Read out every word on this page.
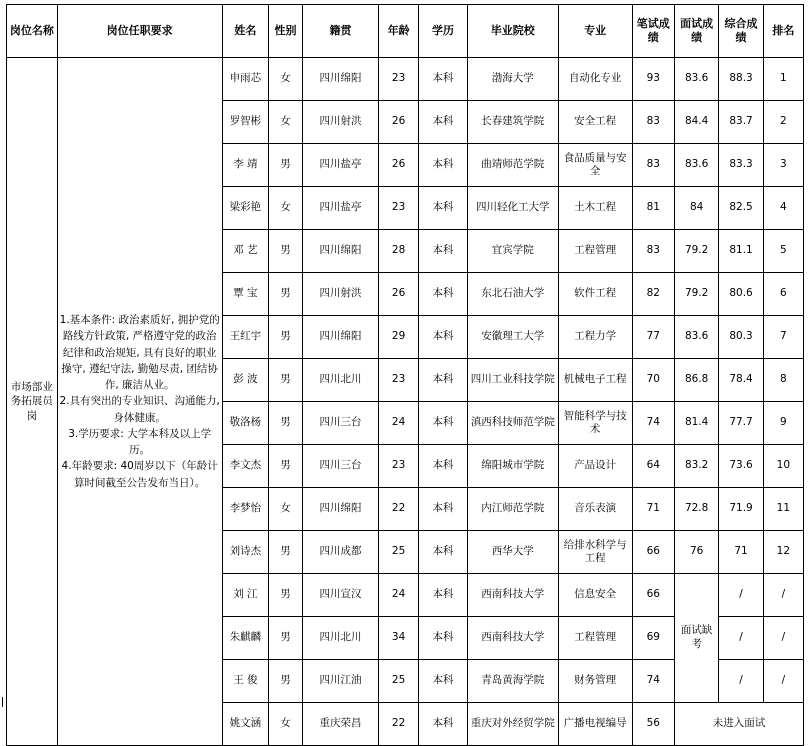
岗位名称	岗位任职要求	姓名	性别	籍贯	年龄	学历	毕业院校	专业	笔试成绩	面试成绩	综合成绩	排名
市场部业务拓展员岗	1.基本条件: 政治素质好, 拥护党的路线方针政策, 严格遵守党的政治纪律和政治规矩, 具有良好的职业操守, 遵纪守法, 勤勉尽责, 团结协作, 廉洁从业。

2.具有突出的专业知识、沟通能力, 身体健康。

3.学历要求: 大学本科及以上学历。

4.年龄要求: 40周岁以下（年龄计算时间截至公告发布当日）。	申雨芯	女	四川绵阳	23	本科	渤海大学	自动化专业	93	83.6	88.3	1
		罗智彬	女	四川射洪	26	本科	长春建筑学院	安全工程	83	84.4	83.7	2
		李 靖	男	四川盐亭	26	本科	曲靖师范学院	食品质量与安全	83	83.6	83.3	3
		梁彩艳	女	四川盐亭	23	本科	四川轻化工大学	土木工程	81	84	82.5	4
		邓 艺	男	四川绵阳	28	本科	宜宾学院	工程管理	83	79.2	81.1	5
		覃 宝	男	四川射洪	26	本科	东北石油大学	软件工程	82	79.2	80.6	6
		王红宇	男	四川绵阳	29	本科	安徽理工大学	工程力学	77	83.6	80.3	7
		彭 波	男	四川北川	23	本科	四川工业科技学院	机械电子工程	70	86.8	78.4	8
		敬洛杨	男	四川三台	24	本科	滇西科技师范学院	智能科学与技术	74	81.4	77.7	9
		李文杰	男	四川三台	23	本科	绵阳城市学院	产品设计	64	83.2	73.6	10
		李梦怡	女	四川绵阳	22	本科	内江师范学院	音乐表演	71	72.8	71.9	11
		刘诗杰	男	四川成都	25	本科	西华大学	给排水科学与工程	66	76	71	12
		刘 江	男	四川宣汉	24	本科	西南科技大学	信息安全	66	面试缺考	/	/
		朱麒麟	男	四川北川	34	本科	西南科技大学	工程管理	69		/	/
		王 俊	男	四川江油	25	本科	青岛黄海学院	财务管理	74		/	/
		姚文涵	女	重庆荣昌	22	本科	重庆对外经贸学院	广播电视编导	56	未进入面试		
